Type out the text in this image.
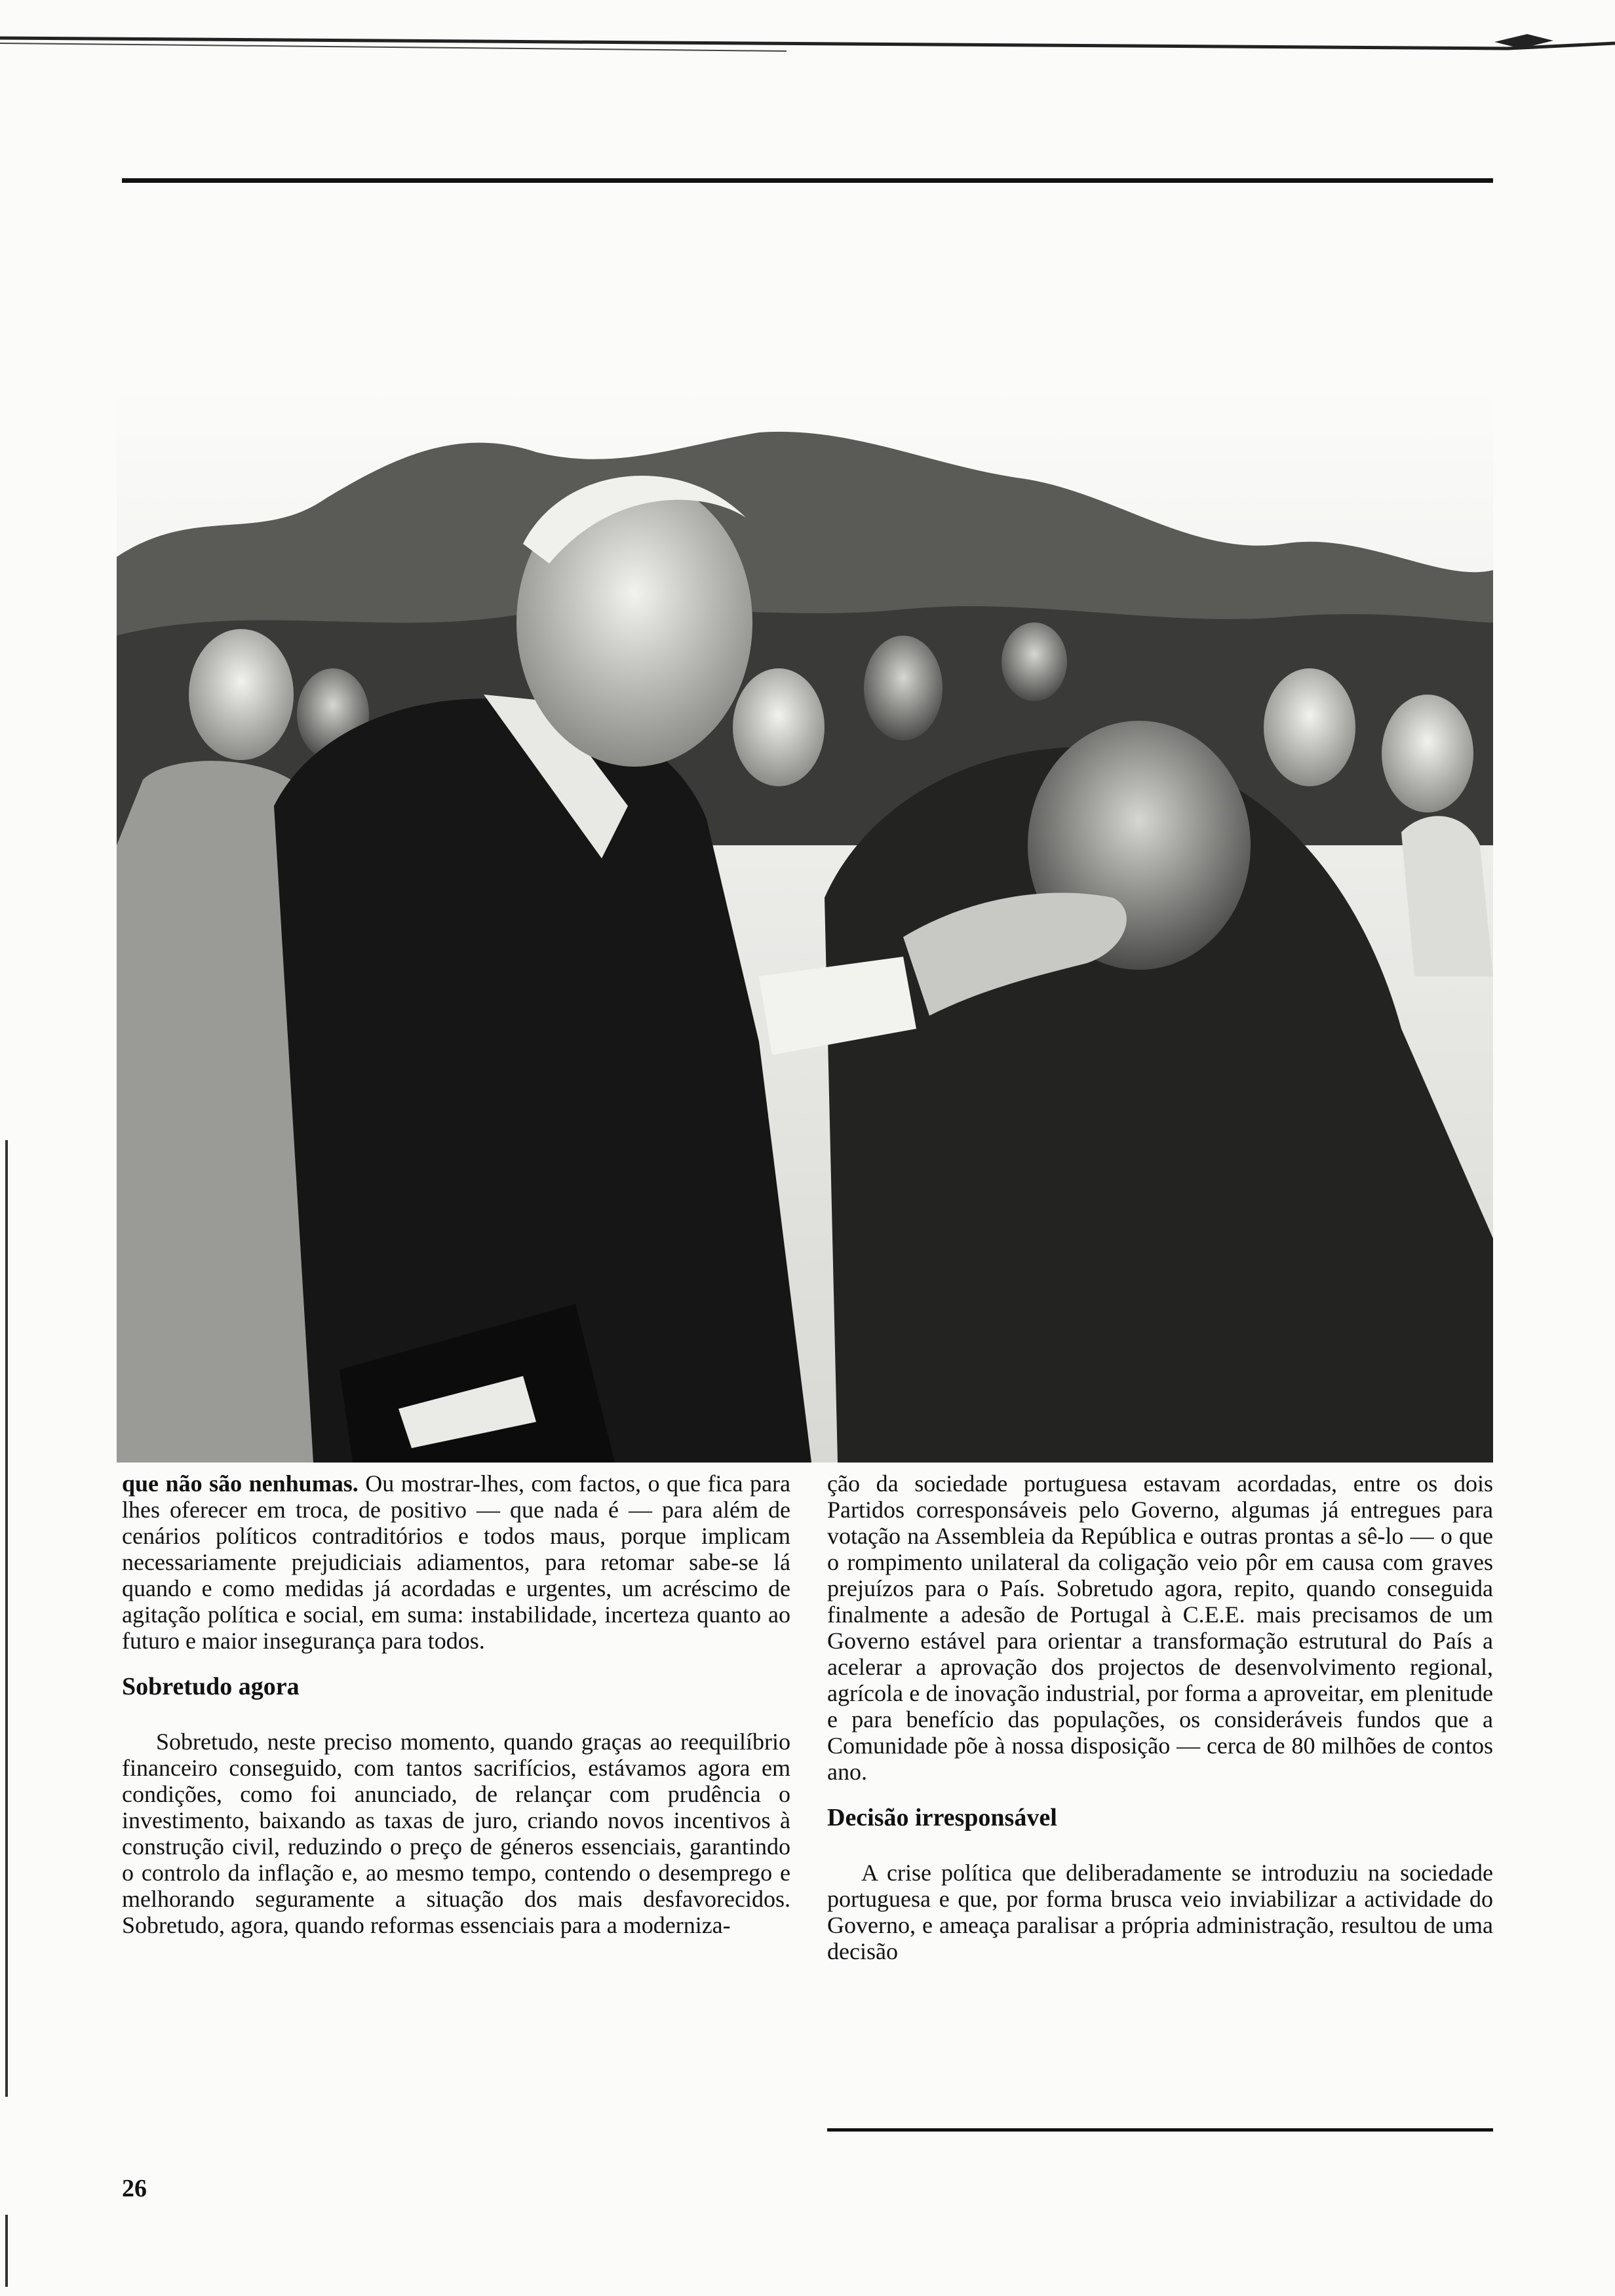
que não são nenhumas. Ou mostrar-lhes, com factos, o que fica para lhes oferecer em troca, de positivo — que nada é — para além de cenários políticos contraditórios e todos maus, porque implicam necessariamente prejudiciais adiamentos, para retomar sabe-se lá quando e como medidas já acordadas e urgentes, um acréscimo de agitação política e social, em suma: instabilidade, incerteza quanto ao futuro e maior insegurança para todos.

Sobretudo agora

Sobretudo, neste preciso momento, quando graças ao reequilíbrio financeiro conseguido, com tantos sacrifícios, estávamos agora em condições, como foi anunciado, de relançar com prudência o investimento, baixando as taxas de juro, criando novos incentivos à construção civil, reduzindo o preço de géneros essenciais, garantindo o controlo da inflação e, ao mesmo tempo, contendo o desemprego e melhorando seguramente a situação dos mais desfavorecidos. Sobretudo, agora, quando reformas essenciais para a moderniza-

ção da sociedade portuguesa estavam acordadas, entre os dois Partidos corresponsáveis pelo Governo, algumas já entregues para votação na Assembleia da República e outras prontas a sê-lo — o que o rompimento unilateral da coligação veio pôr em causa com graves prejuízos para o País. Sobretudo agora, repito, quando conseguida finalmente a adesão de Portugal à C.E.E. mais precisamos de um Governo estável para orientar a transformação estrutural do País a acelerar a aprovação dos projectos de desenvolvimento regional, agrícola e de inovação industrial, por forma a aproveitar, em plenitude e para benefício das populações, os consideráveis fundos que a Comunidade põe à nossa disposição — cerca de 80 milhões de contos ano.

Decisão irresponsável

A crise política que deliberadamente se introduziu na sociedade portuguesa e que, por forma brusca veio inviabilizar a actividade do Governo, e ameaça paralisar a própria administração, resultou de uma decisão

26
